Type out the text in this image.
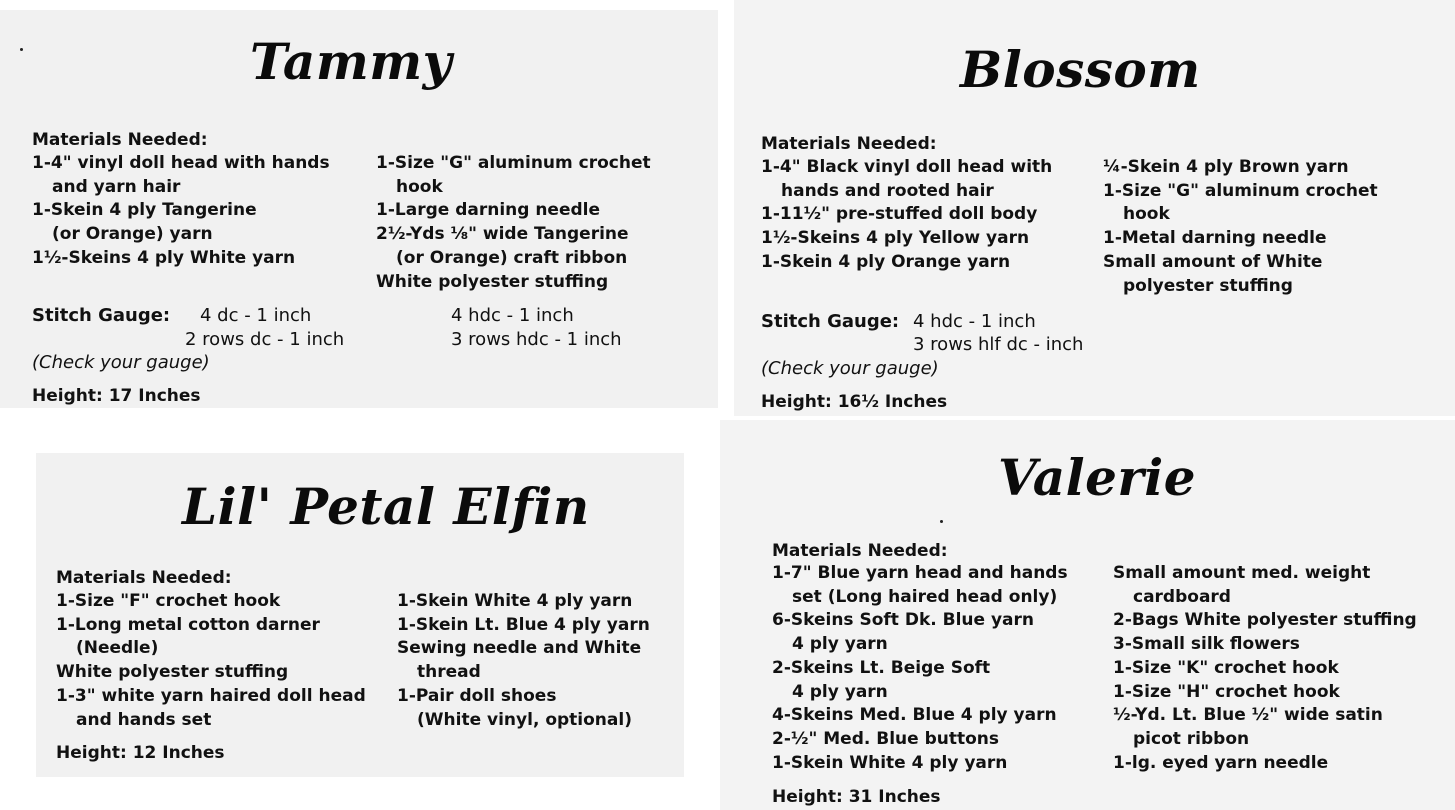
Tammy
Materials Needed:
1-4" vinyl doll head with hands
and yarn hair
1-Skein 4 ply Tangerine
(or Orange) yarn
1½-Skeins 4 ply White yarn
1-Size "G" aluminum crochet
hook
1-Large darning needle
2½-Yds ⅛" wide Tangerine
(or Orange) craft ribbon
White polyester stuffing
Stitch Gauge: 4 dc - 1 inch
2 rows dc - 1 inch
4 hdc - 1 inch
3 rows hdc - 1 inch
(Check your gauge)
Height: 17 Inches
Blossom
Materials Needed:
1-4" Black vinyl doll head with
hands and rooted hair
1-11½" pre-stuffed doll body
1½-Skeins 4 ply Yellow yarn
1-Skein 4 ply Orange yarn
¼-Skein 4 ply Brown yarn
1-Size "G" aluminum crochet
hook
1-Metal darning needle
Small amount of White
polyester stuffing
Stitch Gauge: 4 hdc - 1 inch
3 rows hlf dc - inch
(Check your gauge)
Height: 16½ Inches
Lil' Petal Elfin
Materials Needed:
1-Size "F" crochet hook
1-Long metal cotton darner
(Needle)
White polyester stuffing
1-3" white yarn haired doll head
and hands set
1-Skein White 4 ply yarn
1-Skein Lt. Blue 4 ply yarn
Sewing needle and White
thread
1-Pair doll shoes
(White vinyl, optional)
Height: 12 Inches
Valerie
Materials Needed:
1-7" Blue yarn head and hands
set (Long haired head only)
6-Skeins Soft Dk. Blue yarn
4 ply yarn
2-Skeins Lt. Beige Soft
4 ply yarn
4-Skeins Med. Blue 4 ply yarn
2-½" Med. Blue buttons
1-Skein White 4 ply yarn
Small amount med. weight
cardboard
2-Bags White polyester stuffing
3-Small silk flowers
1-Size "K" crochet hook
1-Size "H" crochet hook
½-Yd. Lt. Blue ½" wide satin
picot ribbon
1-lg. eyed yarn needle
Height: 31 Inches
